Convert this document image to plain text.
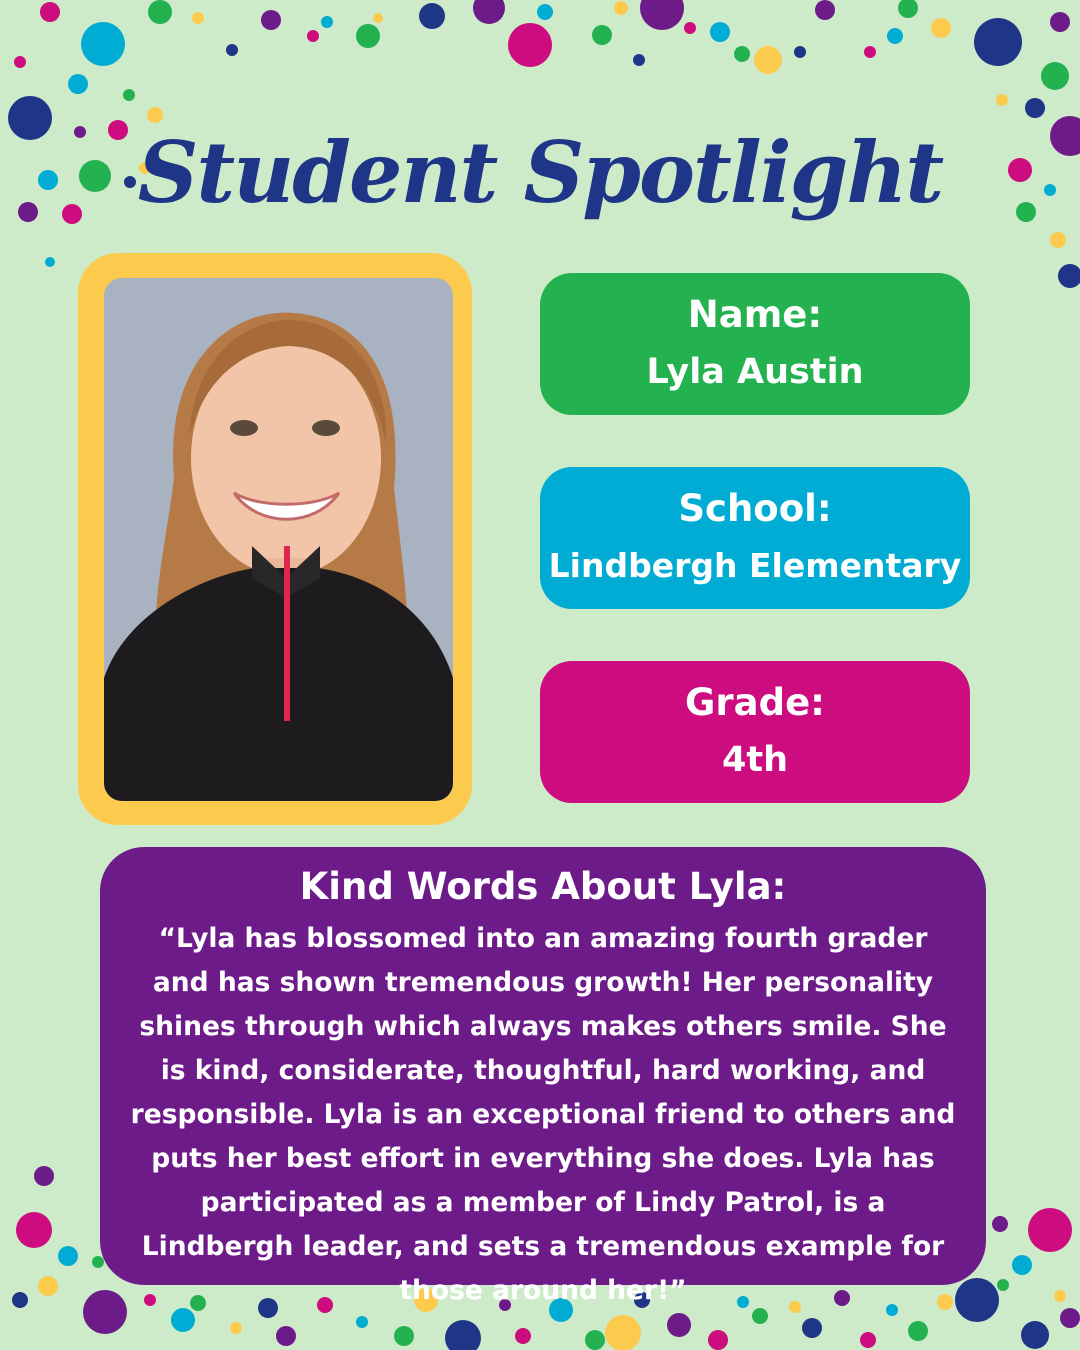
Student Spotlight
Name:
Lyla Austin
School:
Lindbergh Elementary
Grade:
4th
Kind Words About Lyla:
“Lyla has blossomed into an amazing fourth grader and has shown tremendous growth! Her personality shines through which always makes others smile. She is kind, considerate, thoughtful, hard working, and responsible. Lyla is an exceptional friend to others and puts her best effort in everything she does. Lyla has participated as a member of Lindy Patrol, is a Lindbergh leader, and sets a tremendous example for those around her!”
